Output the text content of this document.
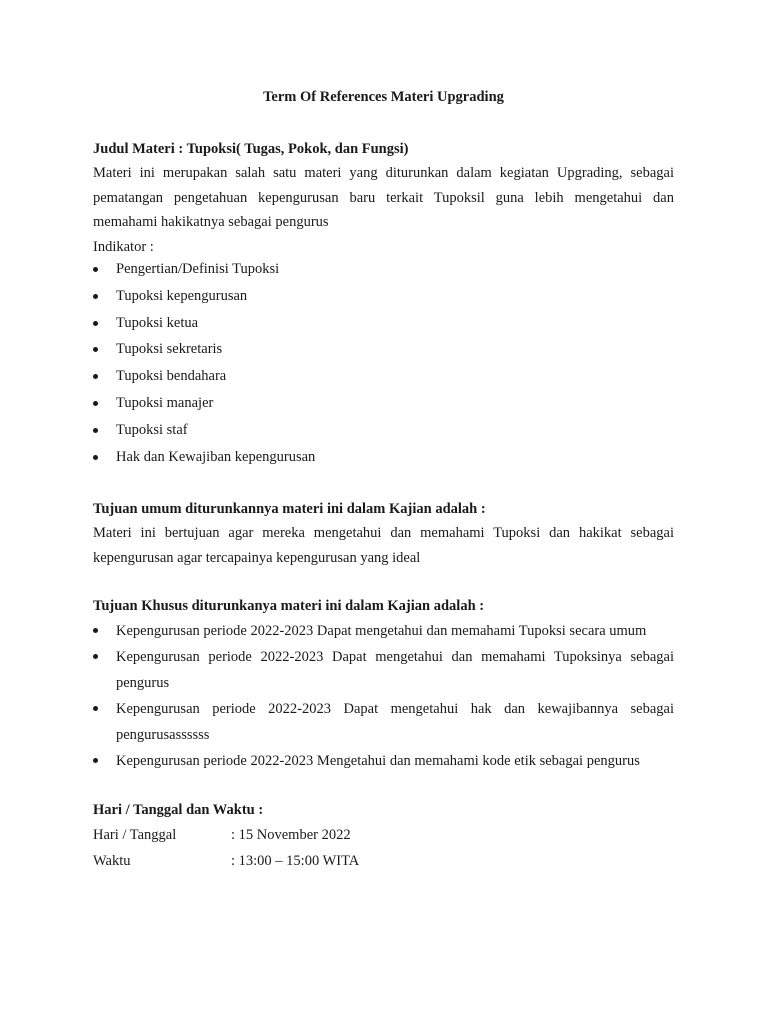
Term Of References Materi Upgrading

Judul Materi : Tupoksi( Tugas, Pokok, dan Fungsi)

Materi ini merupakan salah satu materi yang diturunkan dalam kegiatan Upgrading, sebagai pematangan pengetahuan kepengurusan baru terkait Tupoksil guna lebih mengetahui dan memahami hakikatnya sebagai pengurus

Indikator :

Pengertian/Definisi Tupoksi
Tupoksi kepengurusan
Tupoksi ketua
Tupoksi sekretaris
Tupoksi bendahara
Tupoksi manajer
Tupoksi staf
Hak dan Kewajiban kepengurusan

Tujuan umum diturunkannya materi ini dalam Kajian adalah :

Materi ini bertujuan agar mereka mengetahui dan memahami Tupoksi dan hakikat sebagai kepengurusan agar tercapainya kepengurusan yang ideal

Tujuan Khusus diturunkanya materi ini dalam Kajian adalah :

Kepengurusan periode 2022-2023 Dapat mengetahui dan memahami Tupoksi secara umum
Kepengurusan periode 2022-2023 Dapat mengetahui dan memahami Tupoksinya sebagai pengurus
Kepengurusan periode 2022-2023 Dapat mengetahui hak dan kewajibannya sebagai pengurusassssss
Kepengurusan periode 2022-2023 Mengetahui dan memahami kode etik sebagai pengurus

Hari / Tanggal dan Waktu :

Hari / Tanggal	: 15 November 2022
Waktu	: 13:00 – 15:00 WITA
